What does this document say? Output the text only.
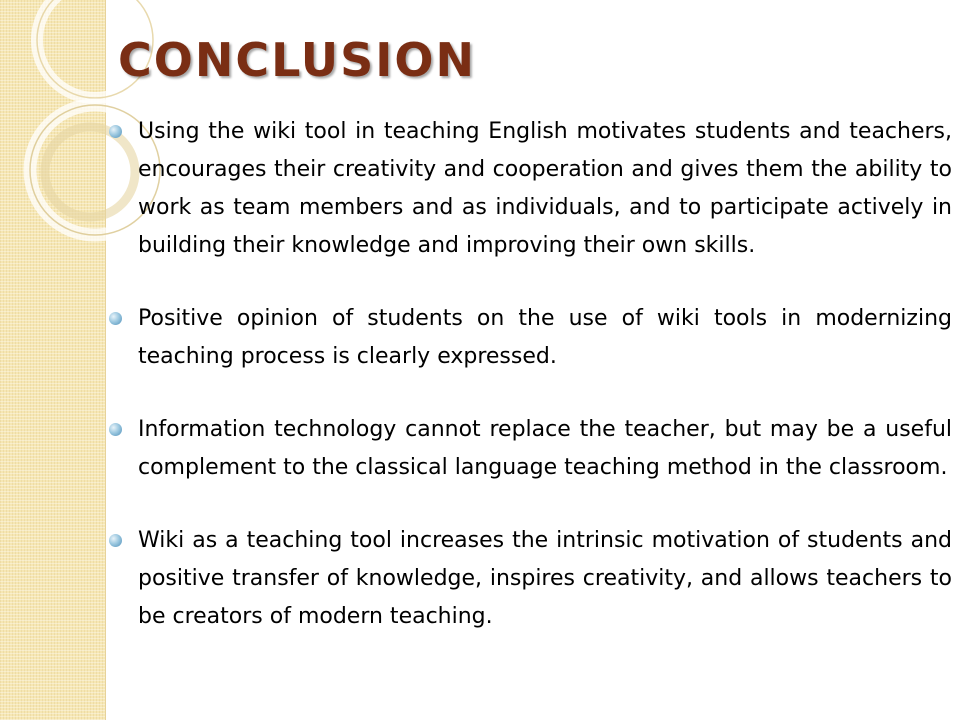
CONCLUSION
Using the wiki tool in teaching English motivates students and teachers, encourages their creativity and cooperation and gives them the ability to work as team members and as individuals, and to participate actively in building their knowledge and improving their own skills.
Positive opinion of students on the use of wiki tools in modernizing teaching process is clearly expressed.
Information technology cannot replace the teacher, but may be a useful complement to the classical language teaching method in the classroom.
Wiki as a teaching tool increases the intrinsic motivation of students and positive transfer of knowledge, inspires creativity, and allows teachers to be creators of modern teaching.
